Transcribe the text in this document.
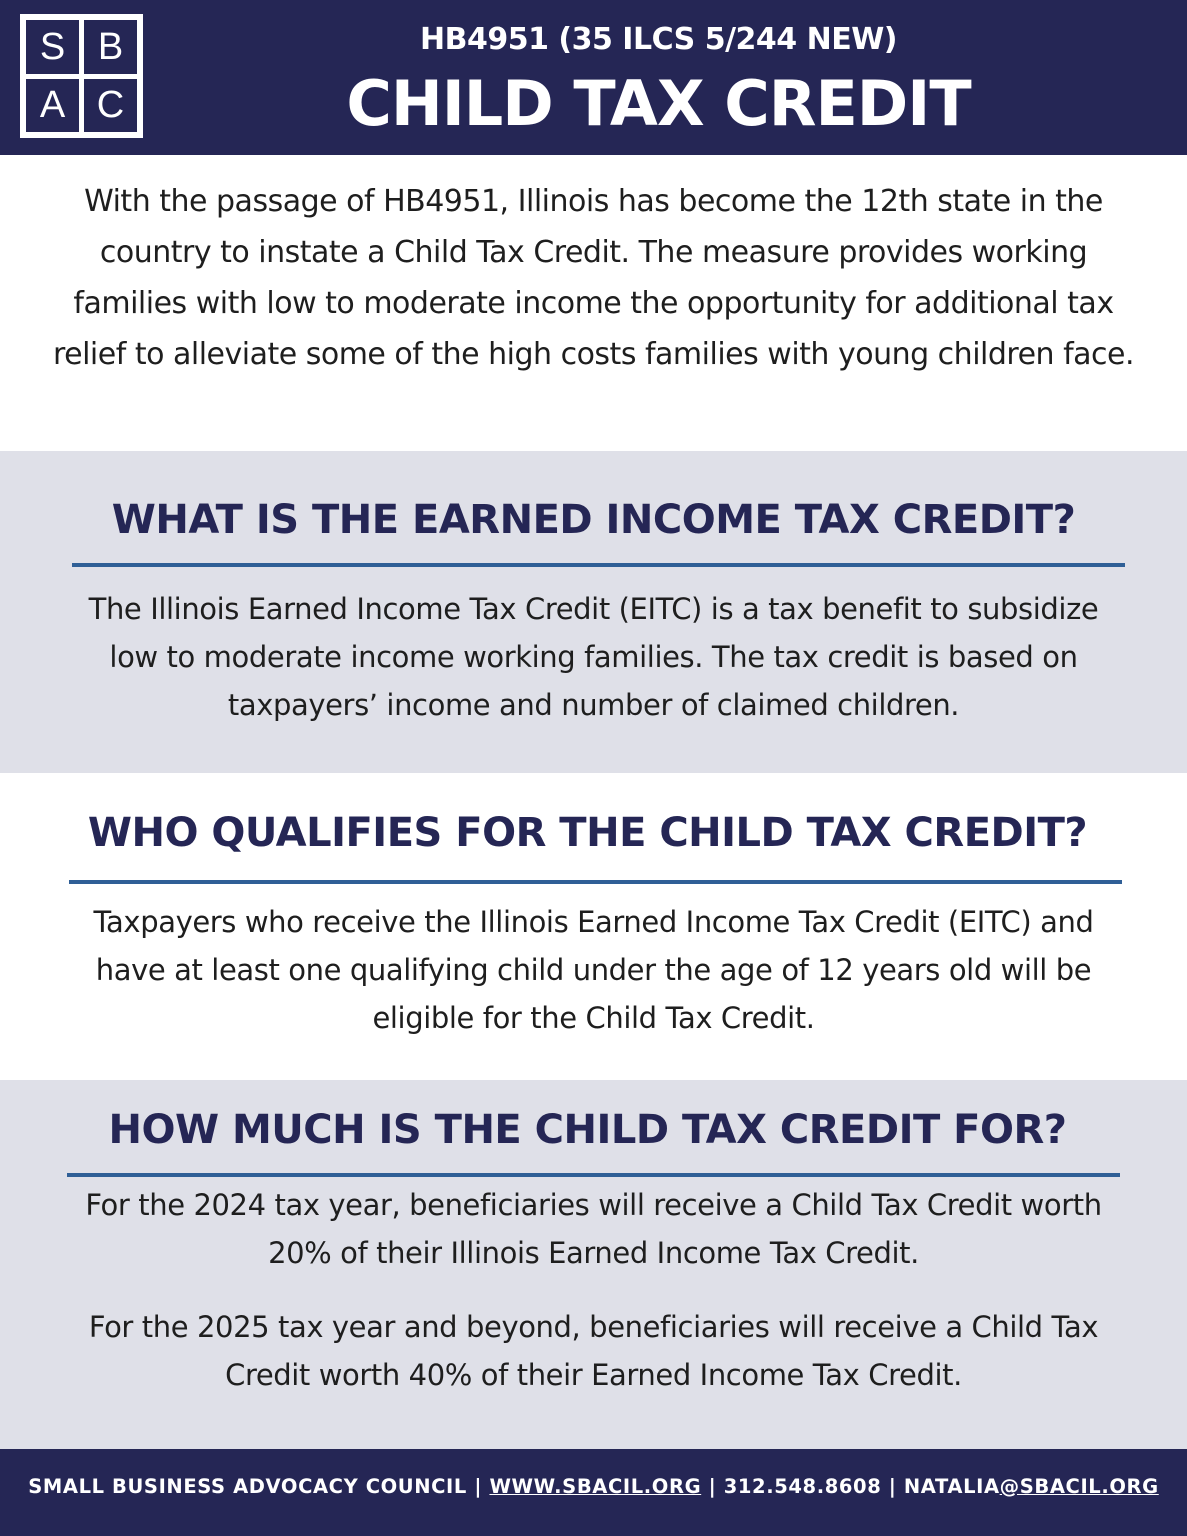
S B
A C
HB4951 (35 ILCS 5/244 NEW)
CHILD TAX CREDIT
With the passage of HB4951, Illinois has become the 12th state in the country to instate a Child Tax Credit. The measure provides working families with low to moderate income the opportunity for additional tax relief to alleviate some of the high costs families with young children face.
WHAT IS THE EARNED INCOME TAX CREDIT?
The Illinois Earned Income Tax Credit (EITC) is a tax benefit to subsidize low to moderate income working families. The tax credit is based on taxpayers’ income and number of claimed children.
WHO QUALIFIES FOR THE CHILD TAX CREDIT?
Taxpayers who receive the Illinois Earned Income Tax Credit (EITC) and have at least one qualifying child under the age of 12 years old will be eligible for the Child Tax Credit.
HOW MUCH IS THE CHILD TAX CREDIT FOR?
For the 2024 tax year, beneficiaries will receive a Child Tax Credit worth 20% of their Illinois Earned Income Tax Credit.
For the 2025 tax year and beyond, beneficiaries will receive a Child Tax Credit worth 40% of their Earned Income Tax Credit.
SMALL BUSINESS ADVOCACY COUNCIL | WWW.SBACIL.ORG | 312.548.8608 | NATALIA@SBACIL.ORG
